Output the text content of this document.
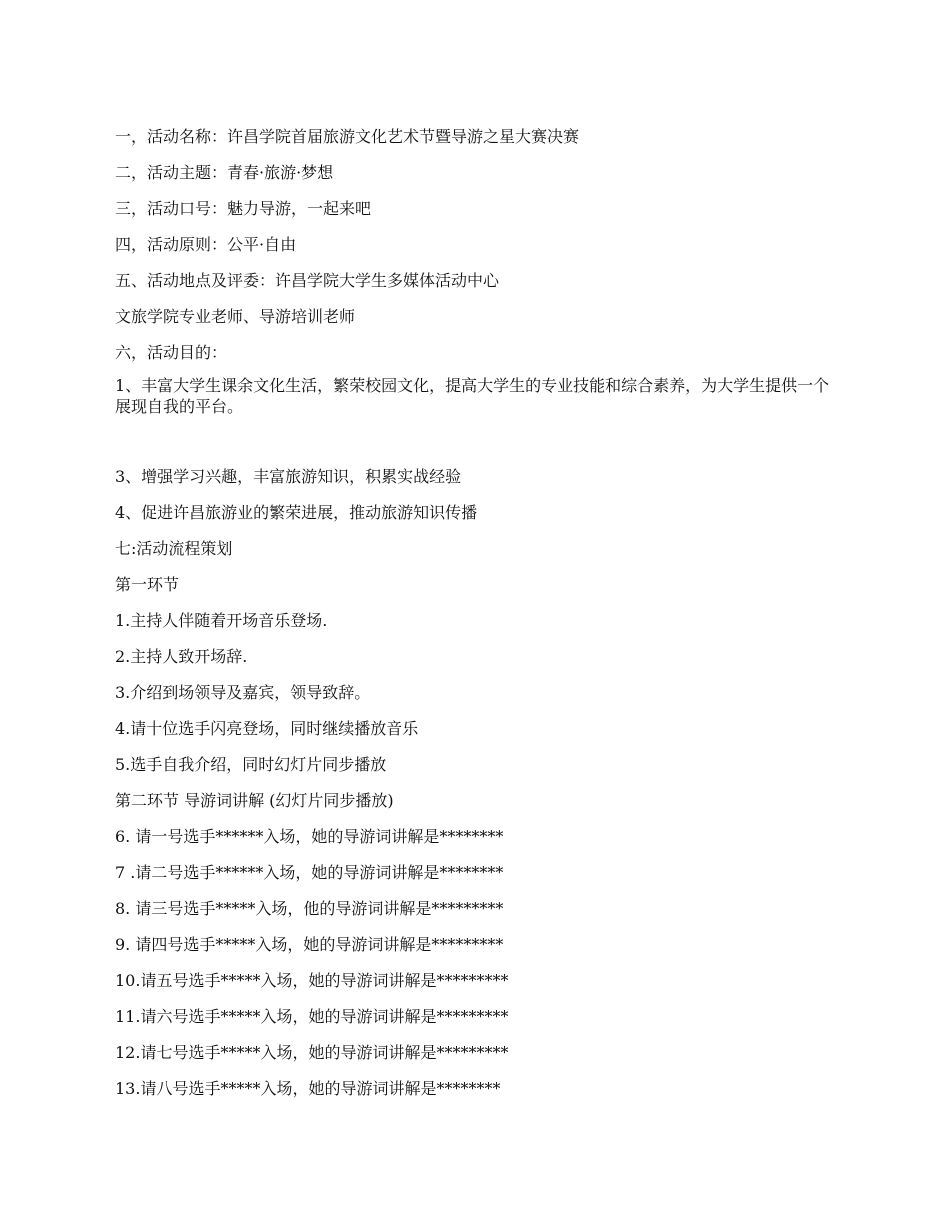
一，活动名称：许昌学院首届旅游文化艺术节暨导游之星大赛决赛
二，活动主题：青春·旅游·梦想
三，活动口号：魅力导游，一起来吧
四，活动原则：公平·自由
五、活动地点及评委：许昌学院大学生多媒体活动中心
文旅学院专业老师、导游培训老师
六，活动目的：
1、丰富大学生课余文化生活，繁荣校园文化，提高大学生的专业技能和综合素养，为大学生提供一个展现自我的平台。
3、增强学习兴趣，丰富旅游知识，积累实战经验
4、促进许昌旅游业的繁荣进展，推动旅游知识传播
七:活动流程策划
第一环节
1.主持人伴随着开场音乐登场.
2.主持人致开场辞.
3.介绍到场领导及嘉宾，领导致辞。
4.请十位选手闪亮登场，同时继续播放音乐
5.选手自我介绍，同时幻灯片同步播放
第二环节 导游词讲解 (幻灯片同步播放)
6. 请一号选手******入场，她的导游词讲解是********
7 .请二号选手******入场，她的导游词讲解是********
8. 请三号选手*****入场，他的导游词讲解是*********
9. 请四号选手*****入场，她的导游词讲解是*********
10.请五号选手*****入场，她的导游词讲解是*********
11.请六号选手*****入场，她的导游词讲解是*********
12.请七号选手*****入场，她的导游词讲解是*********
13.请八号选手*****入场，她的导游词讲解是********
